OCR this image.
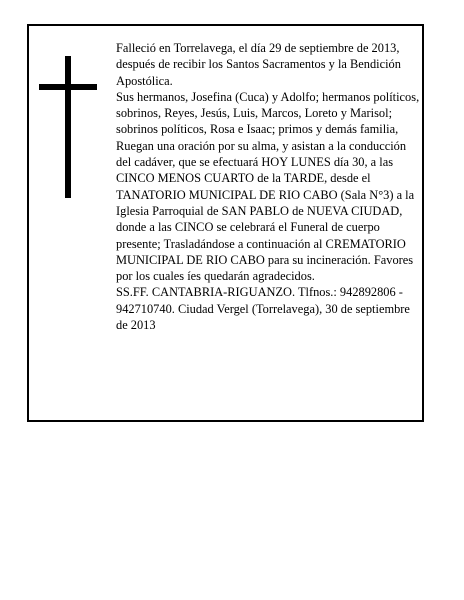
Falleció en Torrelavega, el día 29 de septiembre de 2013, después de recibir los Santos Sacramentos y la Bendición Apostólica.

Sus hermanos, Josefina (Cuca) y Adolfo; hermanos políticos, sobrinos, Reyes, Jesús, Luis, Marcos, Loreto y Marisol; sobrinos políticos, Rosa e Isaac; primos y demás familia,

Ruegan una oración por su alma, y asistan a la conducción del cadáver, que se efectuará HOY LUNES día 30, a las CINCO MENOS CUARTO de la TARDE, desde el TANATORIO MUNICIPAL DE RIO CABO (Sala N°3) a la Iglesia Parroquial de SAN PABLO de NUEVA CIUDAD, donde a las CINCO se celebrará el Funeral de cuerpo presente; Trasladándose a continuación al CREMATORIO MUNICIPAL DE RIO CABO para su incineración. Favores por los cuales íes quedarán agradecidos.

SS.FF. CANTABRIA-RIGUANZO. Tlfnos.: 942892806 - 942710740. Ciudad Vergel (Torrelavega), 30 de septiembre de 2013
